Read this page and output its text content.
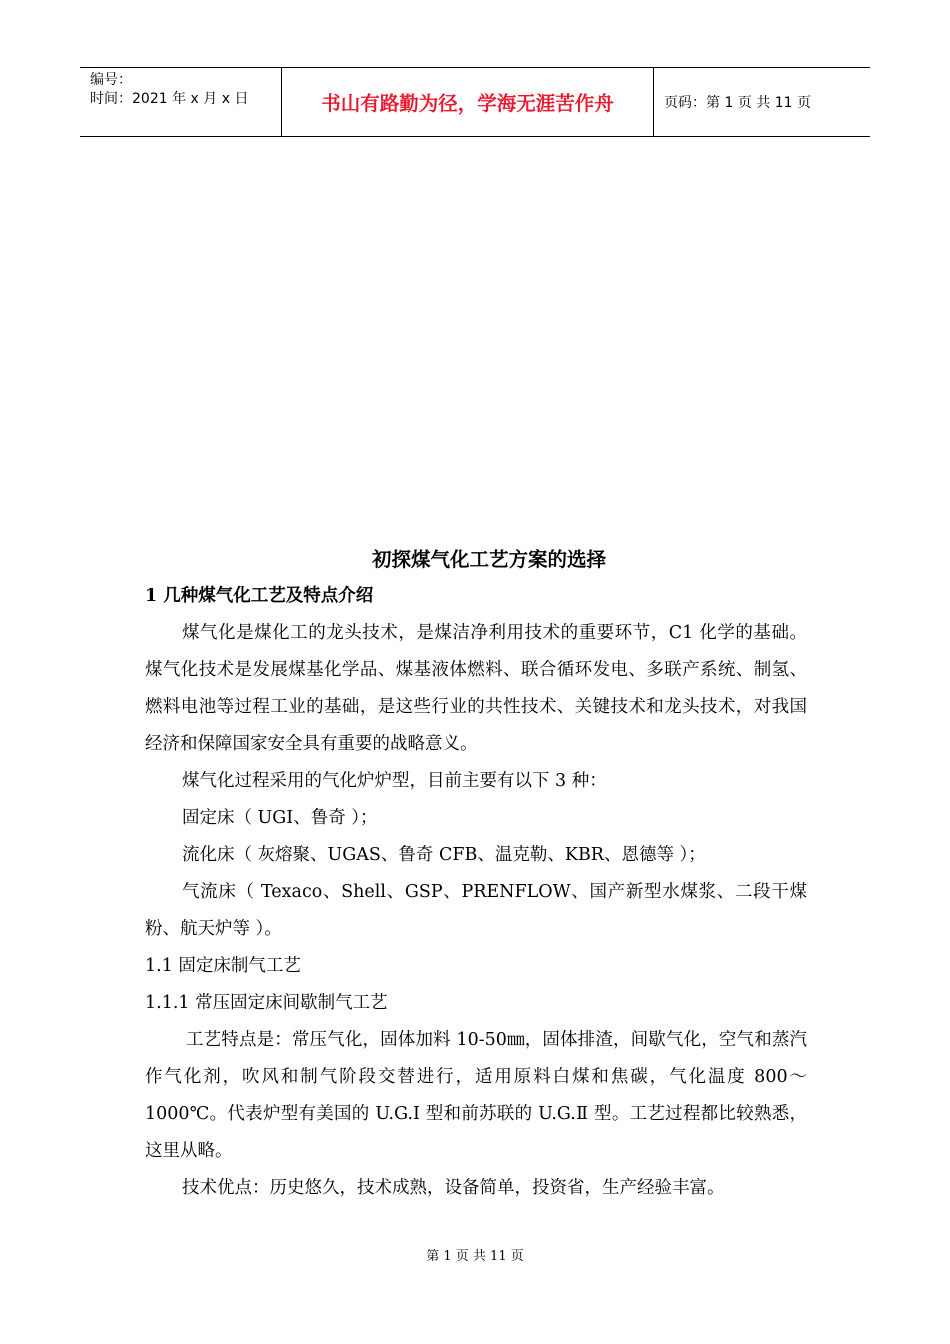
编号：
时间：2021 年 x 月 x 日	书山有路勤为径，学海无涯苦作舟	页码：第 1 页 共 11 页
初探煤气化工艺方案的选择
1 几种煤气化工艺及特点介绍

煤气化是煤化工的龙头技术，是煤洁净利用技术的重要环节，C1 化学的基础。煤气化技术是发展煤基化学品、煤基液体燃料、联合循环发电、多联产系统、制氢、燃料电池等过程工业的基础，是这些行业的共性技术、关键技术和龙头技术，对我国经济和保障国家安全具有重要的战略意义。

煤气化过程采用的气化炉炉型，目前主要有以下 3 种：

固定床（ UGI、鲁奇 ）；

流化床（ 灰熔聚、UGAS、鲁奇 CFB、温克勒、KBR、恩德等 ）；

气流床（ Texaco、Shell、GSP、PRENFLOW、国产新型水煤浆、二段干煤粉、航天炉等 ）。

1.1 固定床制气工艺

1.1.1 常压固定床间歇制气工艺

工艺特点是：常压气化，固体加料 10-50㎜，固体排渣，间歇气化，空气和蒸汽作气化剂，吹风和制气阶段交替进行，适用原料白煤和焦碳，气化温度 800～1000℃。代表炉型有美国的 U.G.I 型和前苏联的 U.G.Ⅱ 型。工艺过程都比较熟悉，这里从略。

技术优点：历史悠久，技术成熟，设备简单，投资省，生产经验丰富。

第 1 页 共 11 页
